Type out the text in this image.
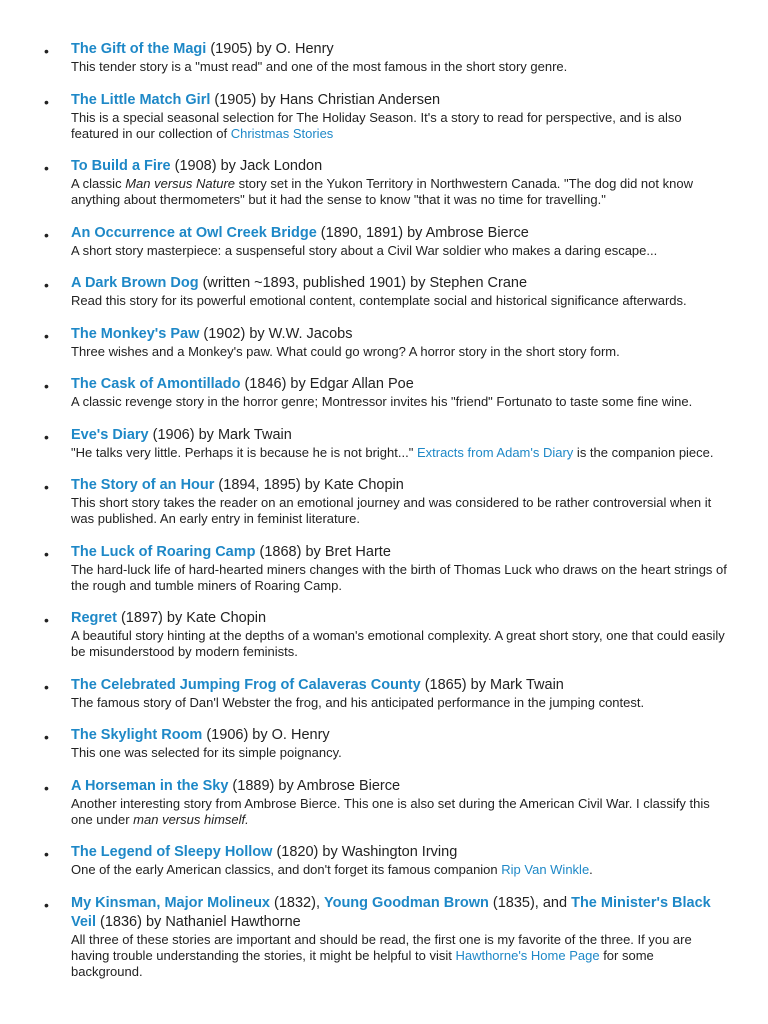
• The Gift of the Magi (1905) by O. Henry
This tender story is a "must read" and one of the most famous in the short story genre.
• The Little Match Girl (1905) by Hans Christian Andersen
This is a special seasonal selection for The Holiday Season. It's a story to read for perspective, and is also featured in our collection of Christmas Stories
• To Build a Fire (1908) by Jack London
A classic Man versus Nature story set in the Yukon Territory in Northwestern Canada. "The dog did not know anything about thermometers" but it had the sense to know "that it was no time for travelling."
• An Occurrence at Owl Creek Bridge (1890, 1891) by Ambrose Bierce
A short story masterpiece: a suspenseful story about a Civil War soldier who makes a daring escape...
• A Dark Brown Dog (written ~1893, published 1901) by Stephen Crane
Read this story for its powerful emotional content, contemplate social and historical significance afterwards.
• The Monkey's Paw (1902) by W.W. Jacobs
Three wishes and a Monkey's paw. What could go wrong? A horror story in the short story form.
• The Cask of Amontillado (1846) by Edgar Allan Poe
A classic revenge story in the horror genre; Montressor invites his "friend" Fortunato to taste some fine wine.
• Eve's Diary (1906) by Mark Twain
"He talks very little. Perhaps it is because he is not bright..." Extracts from Adam's Diary is the companion piece.
• The Story of an Hour (1894, 1895) by Kate Chopin
This short story takes the reader on an emotional journey and was considered to be rather controversial when it was published. An early entry in feminist literature.
• The Luck of Roaring Camp (1868) by Bret Harte
The hard-luck life of hard-hearted miners changes with the birth of Thomas Luck who draws on the heart strings of the rough and tumble miners of Roaring Camp.
• Regret (1897) by Kate Chopin
A beautiful story hinting at the depths of a woman's emotional complexity. A great short story, one that could easily be misunderstood by modern feminists.
• The Celebrated Jumping Frog of Calaveras County (1865) by Mark Twain
The famous story of Dan'l Webster the frog, and his anticipated performance in the jumping contest.
• The Skylight Room (1906) by O. Henry
This one was selected for its simple poignancy.
• A Horseman in the Sky (1889) by Ambrose Bierce
Another interesting story from Ambrose Bierce. This one is also set during the American Civil War. I classify this one under man versus himself.
• The Legend of Sleepy Hollow (1820) by Washington Irving
One of the early American classics, and don't forget its famous companion Rip Van Winkle.
• My Kinsman, Major Molineux (1832), Young Goodman Brown (1835), and The Minister's Black Veil (1836) by Nathaniel Hawthorne
All three of these stories are important and should be read, the first one is my favorite of the three. If you are having trouble understanding the stories, it might be helpful to visit Hawthorne's Home Page for some background.
